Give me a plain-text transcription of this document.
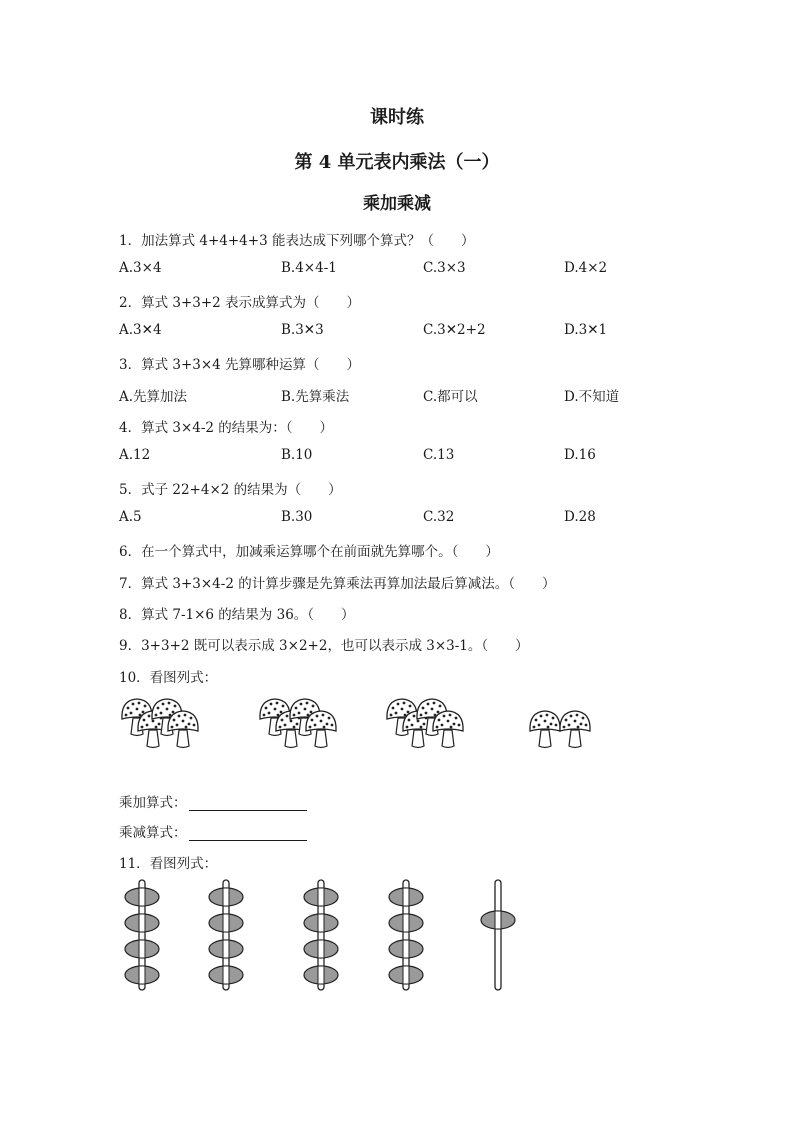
课时练
第 4 单元表内乘法（一）
乘加乘减
1．加法算式 4+4+4+3 能表达成下列哪个算式？（　　）
A.3×4	B.4×4-1	C.3×3	D.4×2
2．算式 3+3+2 表示成算式为（　　）
A.3✕4	B.3✕3	C.3✕2+2	D.3✕1
3．算式 3+3×4 先算哪种运算（　　）
A.先算加法	B.先算乘法	C.都可以	D.不知道
4．算式 3×4-2 的结果为：（　　）
A.12	B.10	C.13	D.16
5．式子 22+4×2 的结果为（　　）
A.5	B.30	C.32	D.28
6．在一个算式中，加减乘运算哪个在前面就先算哪个。（　　）
7．算式 3+3×4-2 的计算步骤是先算乘法再算加法最后算减法。（　　）
8．算式 7-1×6 的结果为 36。（　　）
9．3+3+2 既可以表示成 3×2+2，也可以表示成 3×3-1。（　　）
10．看图列式：
乘加算式：
乘减算式：
11．看图列式：
